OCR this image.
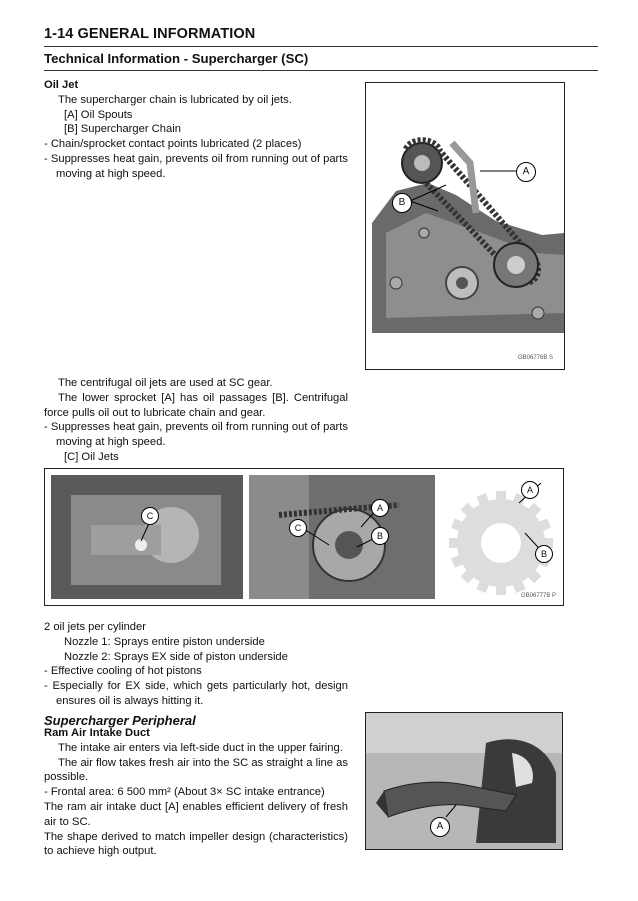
1-14 GENERAL INFORMATION
Technical Information - Supercharger (SC)
Oil Jet
The supercharger chain is lubricated by oil jets.
[A] Oil Spouts
[B] Supercharger Chain
- Chain/sprocket contact points lubricated (2 places)
- Suppresses heat gain, prevents oil from running out of parts moving at high speed.	A
B
GB06776B S
The centrifugal oil jets are used at SC gear.
The lower sprocket [A] has oil passages [B]. Centrifugal force pulls oil out to lubricate chain and gear.
- Suppresses heat gain, prevents oil from running out of parts moving at high speed.
[C] Oil Jets
C
C
A
B
A
B
GB06777B P
2 oil jets per cylinder
Nozzle 1: Sprays entire piston underside
Nozzle 2: Sprays EX side of piston underside
- Effective cooling of hot pistons
- Especially for EX side, which gets particularly hot, design ensures oil is always hitting it.
Supercharger Peripheral
Ram Air Intake Duct
The intake air enters via left-side duct in the upper fairing.
The air flow takes fresh air into the SC as straight a line as possible.
- Frontal area: 6 500 mm² (About 3× SC intake entrance)
The ram air intake duct [A] enables efficient delivery of fresh air to SC.
The shape derived to match impeller design (characteristics) to achieve high output.
A
